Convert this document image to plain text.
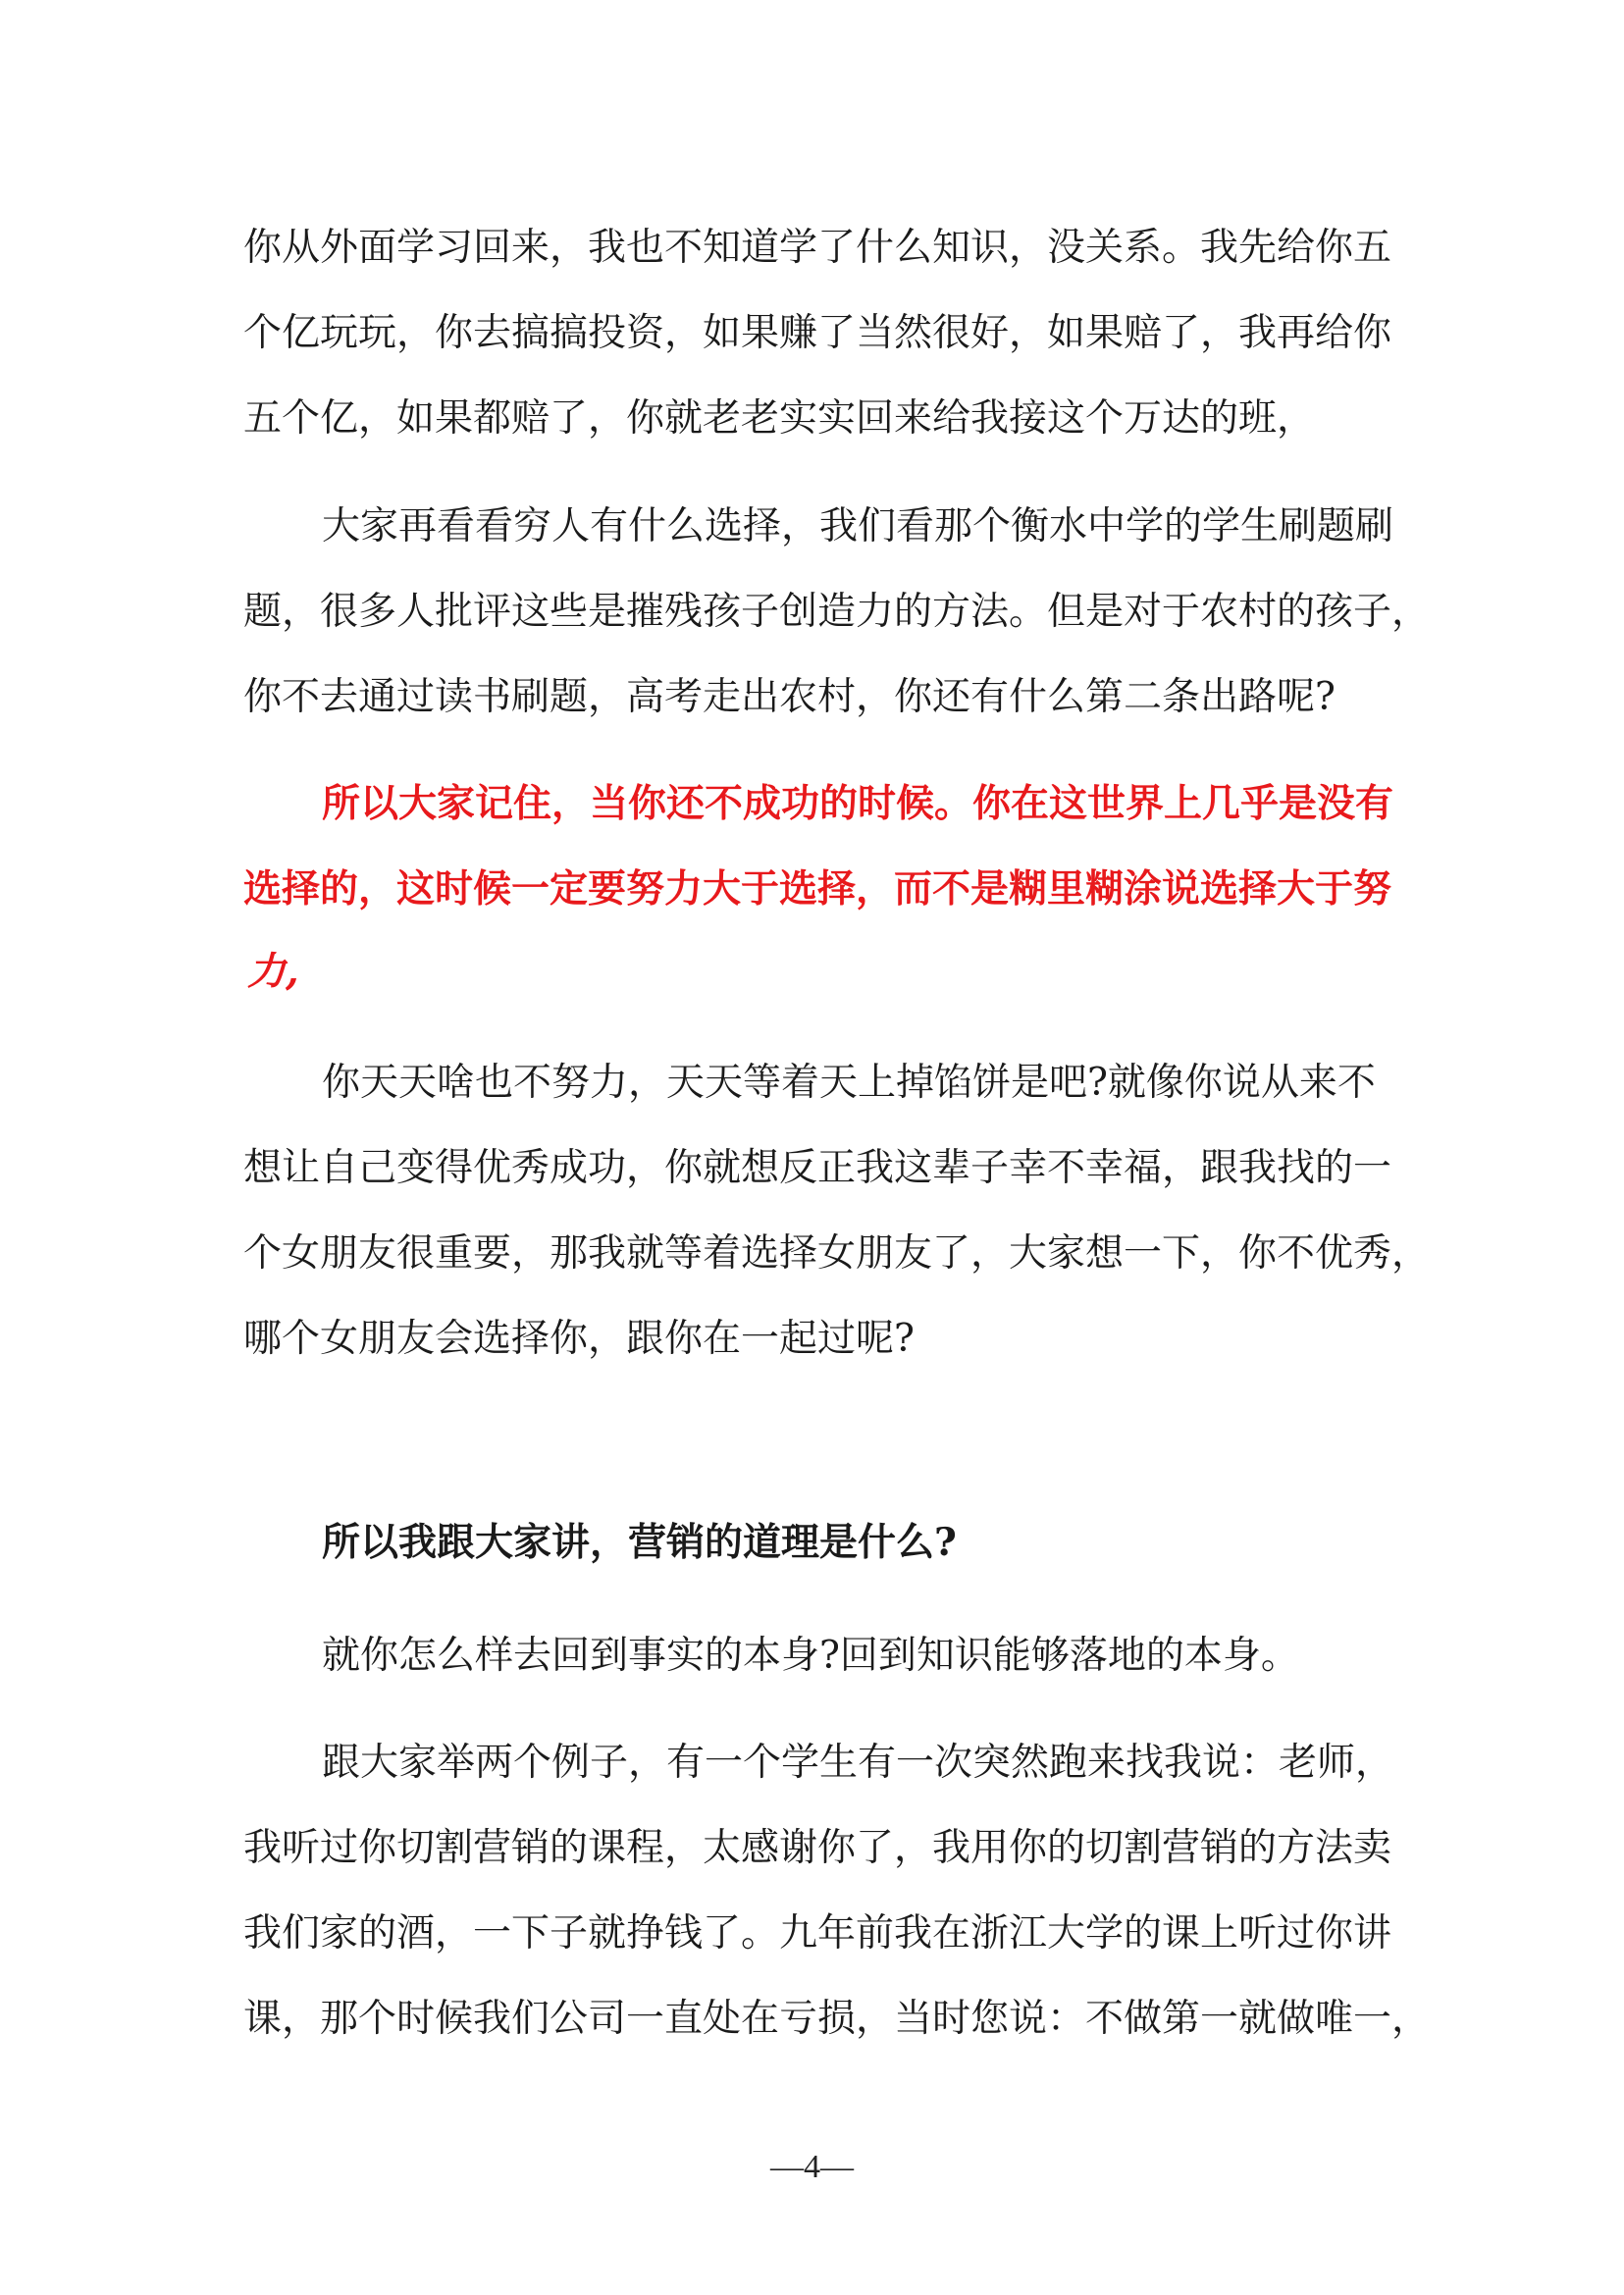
你从外面学习回来，我也不知道学了什么知识，没关系。我先给你五
个亿玩玩，你去搞搞投资，如果赚了当然很好，如果赔了，我再给你
五个亿，如果都赔了，你就老老实实回来给我接这个万达的班，
大家再看看穷人有什么选择，我们看那个衡水中学的学生刷题刷
题，很多人批评这些是摧残孩子创造力的方法。但是对于农村的孩子，
你不去通过读书刷题，高考走出农村，你还有什么第二条出路呢?
所以大家记住，当你还不成功的时候。你在这世界上几乎是没有
选择的，这时候一定要努力大于选择，而不是糊里糊涂说选择大于努
力,
你天天啥也不努力，天天等着天上掉馅饼是吧?就像你说从来不
想让自己变得优秀成功，你就想反正我这辈子幸不幸福，跟我找的一
个女朋友很重要，那我就等着选择女朋友了，大家想一下，你不优秀，
哪个女朋友会选择你，跟你在一起过呢?
所以我跟大家讲，营销的道理是什么?
就你怎么样去回到事实的本身?回到知识能够落地的本身。
跟大家举两个例子，有一个学生有一次突然跑来找我说：老师，
我听过你切割营销的课程，太感谢你了，我用你的切割营销的方法卖
我们家的酒，一下子就挣钱了。九年前我在浙江大学的课上听过你讲
课，那个时候我们公司一直处在亏损，当时您说：不做第一就做唯一，
—4—
